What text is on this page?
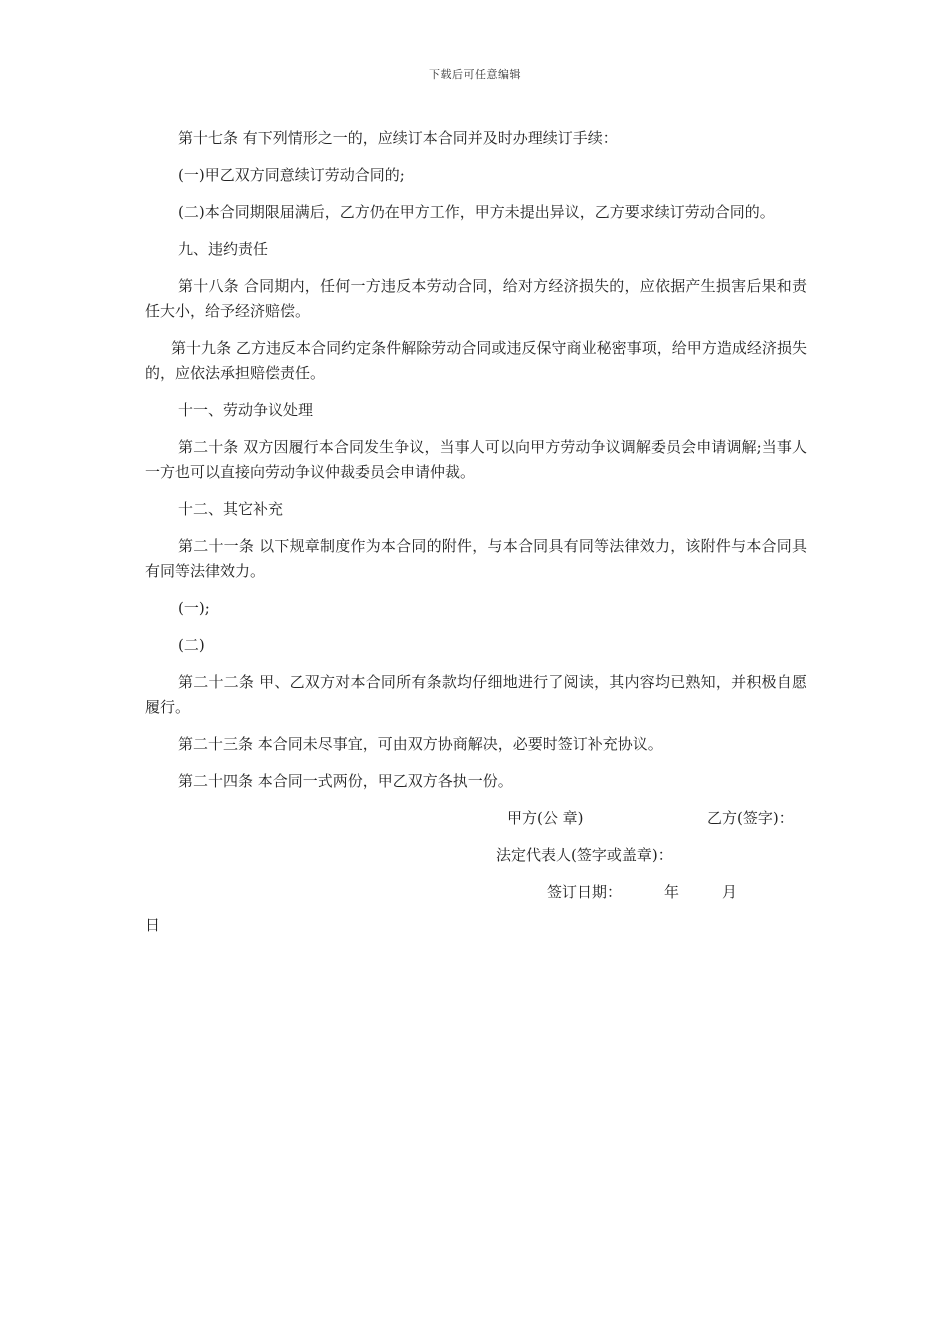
下载后可任意编辑

第十七条 有下列情形之一的，应续订本合同并及时办理续订手续：

(一)甲乙双方同意续订劳动合同的;

(二)本合同期限届满后，乙方仍在甲方工作，甲方未提出异议，乙方要求续订劳动合同的。

九、违约责任

第十八条 合同期内，任何一方违反本劳动合同，给对方经济损失的，应依据产生损害后果和责任大小，给予经济赔偿。

第十九条 乙方违反本合同约定条件解除劳动合同或违反保守商业秘密事项，给甲方造成经济损失的，应依法承担赔偿责任。

十一、劳动争议处理

第二十条 双方因履行本合同发生争议，当事人可以向甲方劳动争议调解委员会申请调解;当事人一方也可以直接向劳动争议仲裁委员会申请仲裁。

十二、其它补充

第二十一条 以下规章制度作为本合同的附件，与本合同具有同等法律效力，该附件与本合同具有同等法律效力。

(一);

(二)

第二十二条 甲、乙双方对本合同所有条款均仔细地进行了阅读，其内容均已熟知，并积极自愿履行。

第二十三条 本合同未尽事宜，可由双方协商解决，必要时签订补充协议。

第二十四条 本合同一式两份，甲乙双方各执一份。

甲方(公 章)	乙方(签字)：
法定代表人(签字或盖章)：
签订日期：	年	月
日
